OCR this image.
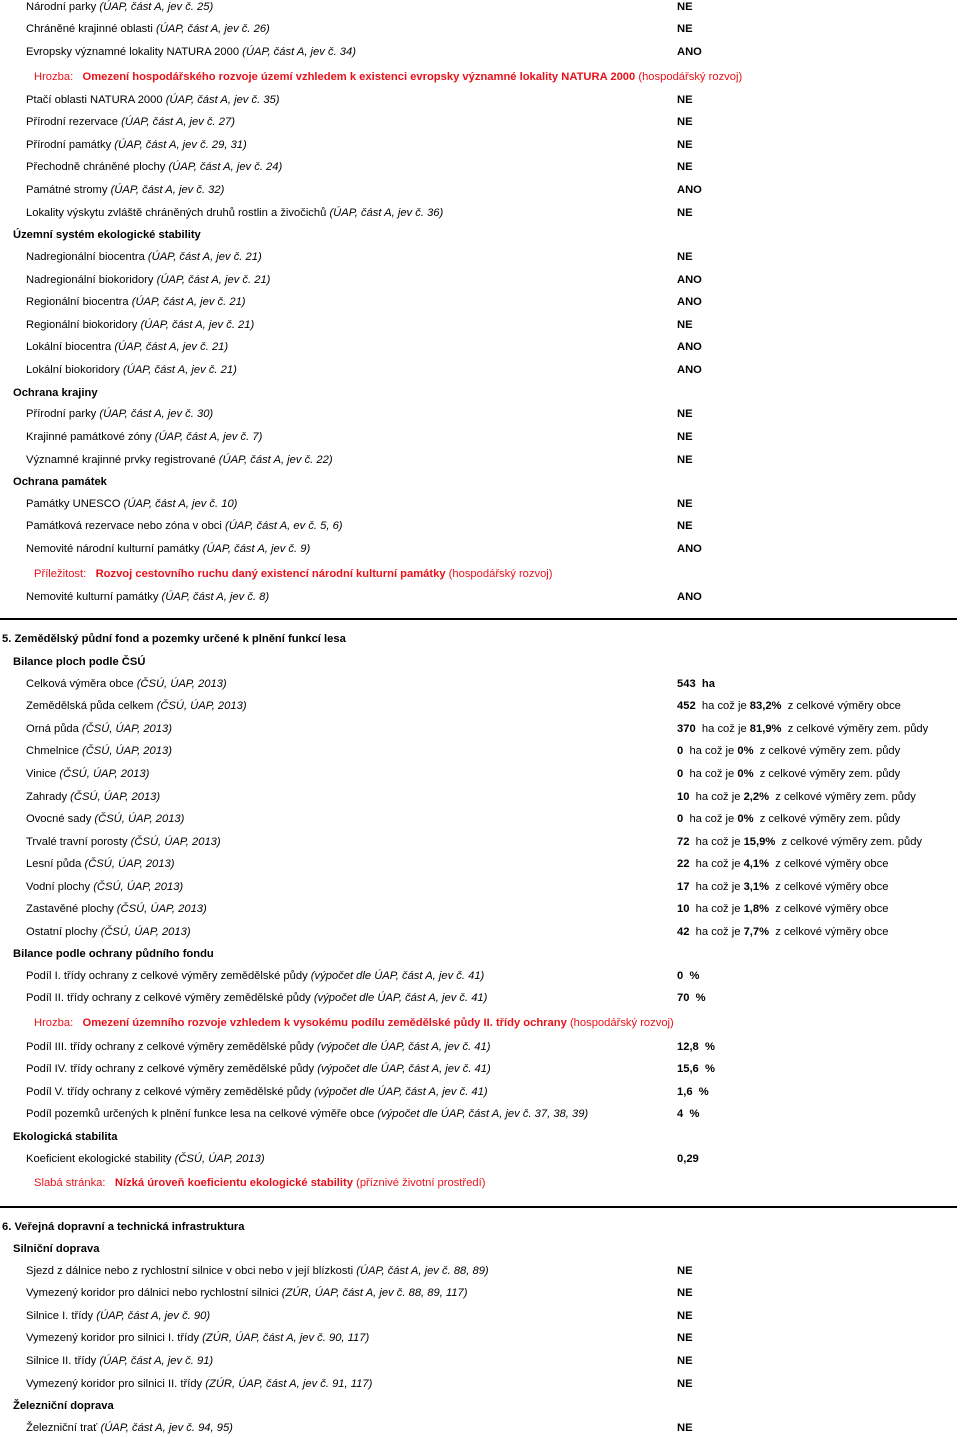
Národní parky (ÚAP, část A, jev č. 25)	NE
Chráněné krajinné oblasti (ÚAP, část A, jev č. 26)	NE
Evropsky významné lokality NATURA 2000 (ÚAP, část A, jev č. 34)	ANO
Hrozba: Omezení hospodářského rozvoje území vzhledem k existenci evropsky významné lokality NATURA 2000 (hospodářský rozvoj)
Ptačí oblasti NATURA 2000 (ÚAP, část A, jev č. 35)	NE
Přírodní rezervace (ÚAP, část A, jev č. 27)	NE
Přírodní památky (ÚAP, část A, jev č. 29, 31)	NE
Přechodně chráněné plochy (ÚAP, část A, jev č. 24)	NE
Památné stromy (ÚAP, část A, jev č. 32)	ANO
Lokality výskytu zvláště chráněných druhů rostlin a živočichů (ÚAP, část A, jev č. 36)	NE
Územní systém ekologické stability
Nadregionální biocentra (ÚAP, část A, jev č. 21)	NE
Nadregionální biokoridory (ÚAP, část A, jev č. 21)	ANO
Regionální biocentra (ÚAP, část A, jev č. 21)	ANO
Regionální biokoridory (ÚAP, část A, jev č. 21)	NE
Lokální biocentra (ÚAP, část A, jev č. 21)	ANO
Lokální biokoridory (ÚAP, část A, jev č. 21)	ANO
Ochrana krajiny
Přírodní parky (ÚAP, část A, jev č. 30)	NE
Krajinné památkové zóny (ÚAP, část A, jev č. 7)	NE
Významné krajinné prvky registrované (ÚAP, část A, jev č. 22)	NE
Ochrana památek
Památky UNESCO (ÚAP, část A, jev č. 10)	NE
Památková rezervace nebo zóna v obci (ÚAP, část A, ev č. 5, 6)	NE
Nemovité národní kulturní památky (ÚAP, část A, jev č. 9)	ANO
Příležitost: Rozvoj cestovního ruchu daný existencí národní kulturní památky (hospodářský rozvoj)
Nemovité kulturní památky (ÚAP, část A, jev č. 8)	ANO
5. Zemědělský půdní fond a pozemky určené k plnění funkcí lesa
Bilance ploch podle ČSÚ
Celková výměra obce (ČSÚ, ÚAP, 2013)	543 ha
Zemědělská půda celkem (ČSÚ, ÚAP, 2013)	452 ha což je 83,2% z celkové výměry obce
Orná půda (ČSÚ, ÚAP, 2013)	370 ha což je 81,9% z celkové výměry zem. půdy
Chmelnice (ČSÚ, ÚAP, 2013)	0 ha což je 0% z celkové výměry zem. půdy
Vinice (ČSÚ, ÚAP, 2013)	0 ha což je 0% z celkové výměry zem. půdy
Zahrady (ČSÚ, ÚAP, 2013)	10 ha což je 2,2% z celkové výměry zem. půdy
Ovocné sady (ČSÚ, ÚAP, 2013)	0 ha což je 0% z celkové výměry zem. půdy
Trvalé travní porosty (ČSÚ, ÚAP, 2013)	72 ha což je 15,9% z celkové výměry zem. půdy
Lesní půda (ČSÚ, ÚAP, 2013)	22 ha což je 4,1% z celkové výměry obce
Vodní plochy (ČSÚ, ÚAP, 2013)	17 ha což je 3,1% z celkové výměry obce
Zastavěné plochy (ČSÚ, ÚAP, 2013)	10 ha což je 1,8% z celkové výměry obce
Ostatní plochy (ČSÚ, ÚAP, 2013)	42 ha což je 7,7% z celkové výměry obce
Bilance podle ochrany půdního fondu
Podíl I. třídy ochrany z celkové výměry zemědělské půdy (výpočet dle ÚAP, část A, jev č. 41)	0 %
Podíl II. třídy ochrany z celkové výměry zemědělské půdy (výpočet dle ÚAP, část A, jev č. 41)	70 %
Hrozba: Omezení územního rozvoje vzhledem k vysokému podílu zemědělské půdy II. třídy ochrany (hospodářský rozvoj)
Podíl III. třídy ochrany z celkové výměry zemědělské půdy (výpočet dle ÚAP, část A, jev č. 41)	12,8 %
Podíl IV. třídy ochrany z celkové výměry zemědělské půdy (výpočet dle ÚAP, část A, jev č. 41)	15,6 %
Podíl V. třídy ochrany z celkové výměry zemědělské půdy (výpočet dle ÚAP, část A, jev č. 41)	1,6 %
Podíl pozemků určených k plnění funkce lesa na celkové výměře obce (výpočet dle ÚAP, část A, jev č. 37, 38, 39)	4 %
Ekologická stabilita
Koeficient ekologické stability (ČSÚ, ÚAP, 2013)	0,29
Slabá stránka: Nízká úroveň koeficientu ekologické stability (příznivé životní prostředí)
6. Veřejná dopravní a technická infrastruktura
Silniční doprava
Sjezd z dálnice nebo z rychlostní silnice v obci nebo v její blízkosti (ÚAP, část A, jev č. 88, 89)	NE
Vymezený koridor pro dálnici nebo rychlostní silnici (ZÚR, ÚAP, část A, jev č. 88, 89, 117)	NE
Silnice I. třídy (ÚAP, část A, jev č. 90)	NE
Vymezený koridor pro silnici I. třídy (ZÚR, ÚAP, část A, jev č. 90, 117)	NE
Silnice II. třídy (ÚAP, část A, jev č. 91)	NE
Vymezený koridor pro silnici II. třídy (ZÚR, ÚAP, část A, jev č. 91, 117)	NE
Železniční doprava
Železniční trať (ÚAP, část A, jev č. 94, 95)	NE
